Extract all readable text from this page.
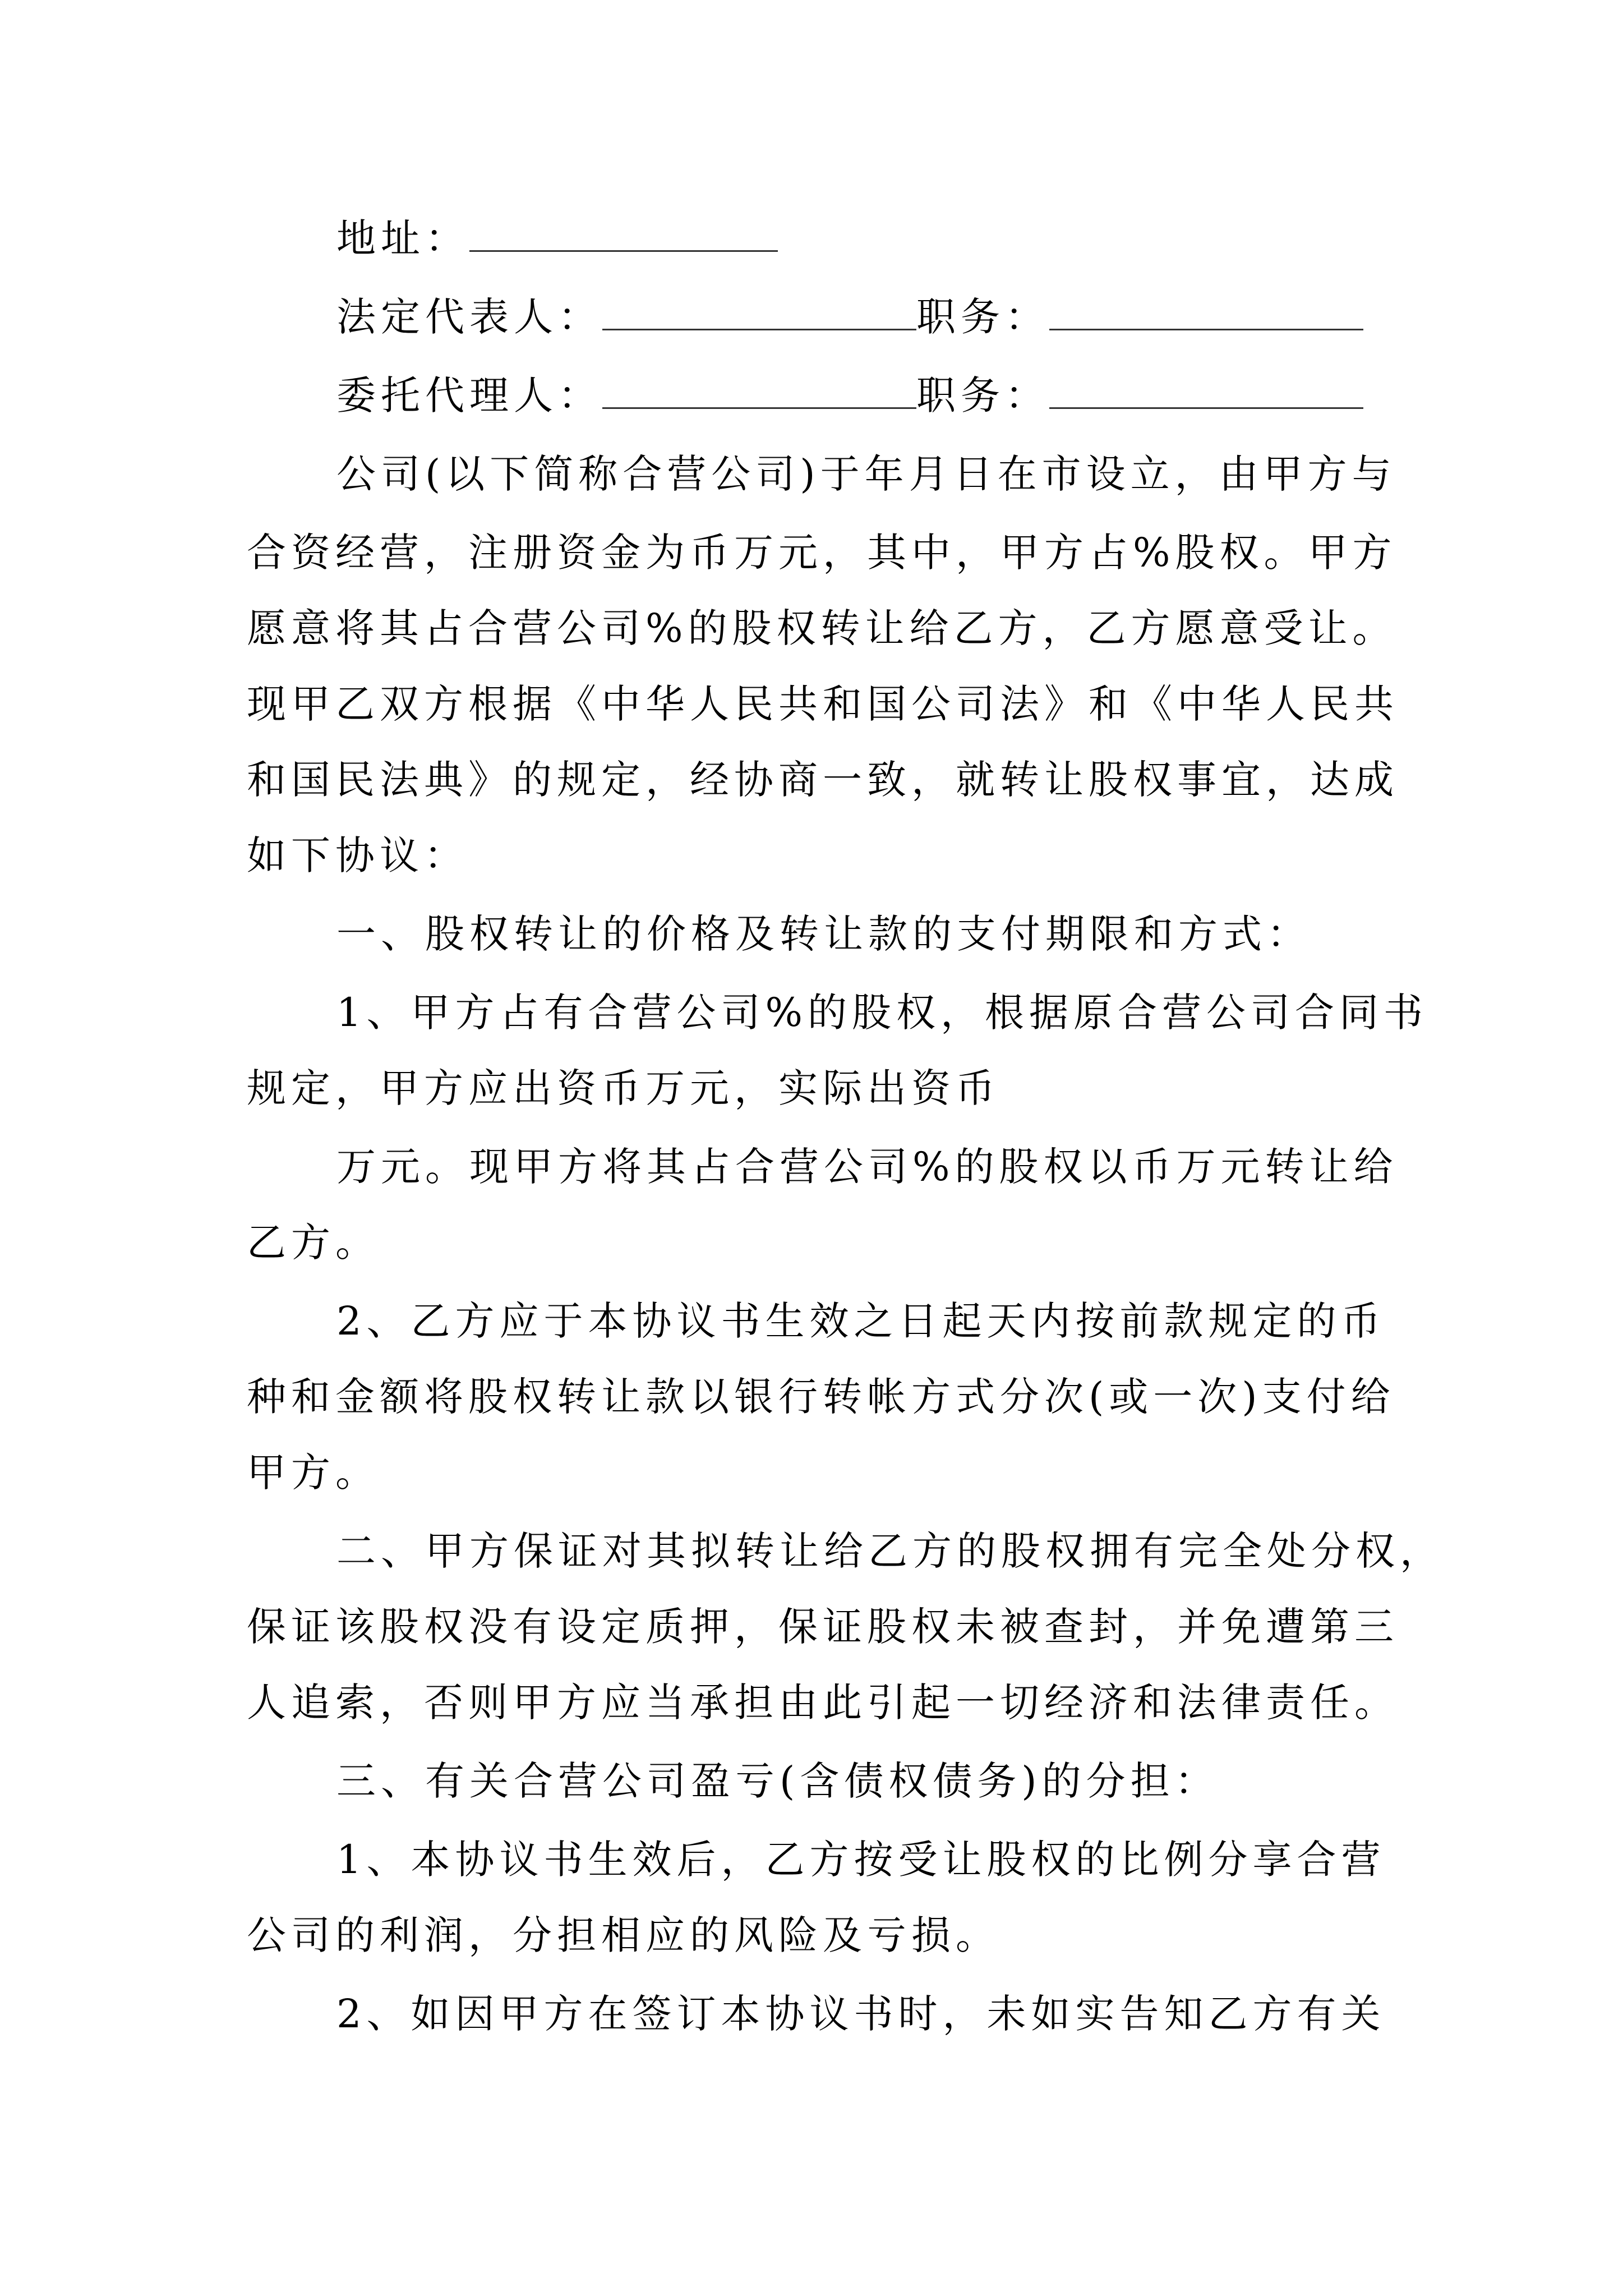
地址：
法定代表人：	职务：
委托代理人：	职务：
公司(以下简称合营公司)于年月日在市设立，由甲方与
合资经营，注册资金为币万元，其中，甲方占%股权。甲方
愿意将其占合营公司%的股权转让给乙方，乙方愿意受让。
现甲乙双方根据《中华人民共和国公司法》和《中华人民共
和国民法典》的规定，经协商一致，就转让股权事宜，达成
如下协议：
一、股权转让的价格及转让款的支付期限和方式：
1、甲方占有合营公司%的股权，根据原合营公司合同书
规定，甲方应出资币万元，实际出资币
万元。现甲方将其占合营公司%的股权以币万元转让给
乙方。
2、乙方应于本协议书生效之日起天内按前款规定的币
种和金额将股权转让款以银行转帐方式分次(或一次)支付给
甲方。
二、甲方保证对其拟转让给乙方的股权拥有完全处分权，
保证该股权没有设定质押，保证股权未被查封，并免遭第三
人追索，否则甲方应当承担由此引起一切经济和法律责任。
三、有关合营公司盈亏(含债权债务)的分担：
1、本协议书生效后，乙方按受让股权的比例分享合营
公司的利润，分担相应的风险及亏损。
2、如因甲方在签订本协议书时，未如实告知乙方有关
